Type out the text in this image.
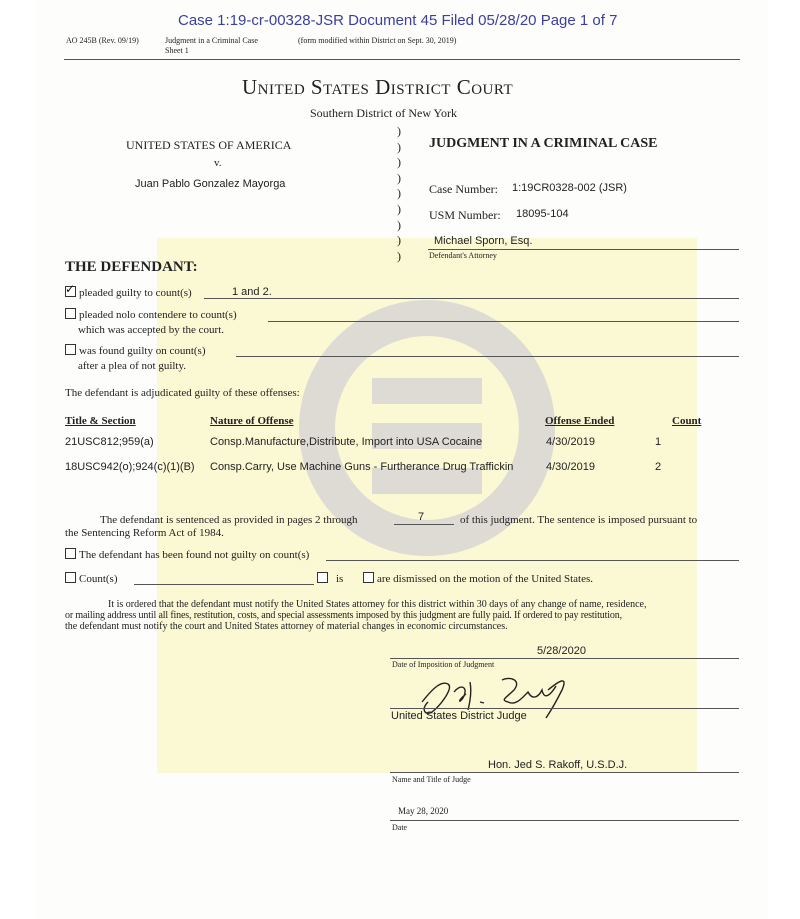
Case 1:19-cr-00328-JSR Document 45 Filed 05/28/20 Page 1 of 7
AO 245B (Rev. 09/19)	Judgment in a Criminal Case
Sheet 1
(form modified within District on Sept. 30, 2019)
United States District Court
Southern District of New York
UNITED STATES OF AMERICA
v.
Juan Pablo Gonzalez Mayorga
)
)
)
)
)
)
)
)
)
JUDGMENT IN A CRIMINAL CASE
Case Number: 1:19CR0328-002 (JSR)
USM Number: 18095-104
Michael Sporn, Esq.
Defendant's Attorney
THE DEFENDANT:
✓pleaded guilty to count(s)	1 and 2.
pleaded nolo contendere to count(s)
which was accepted by the court.
was found guilty on count(s)
after a plea of not guilty.
The defendant is adjudicated guilty of these offenses:
Title & Section	Nature of Offense	Offense Ended	Count
21USC812;959(a)	Consp.Manufacture,Distribute, Import into USA Cocaine	4/30/2019	1
18USC942(o);924(c)(1)(B) Consp.Carry, Use Machine Guns - Furtherance Drug Traffickin	4/30/2019	2
The defendant is sentenced as provided in pages 2 through	7	of this judgment. The sentence is imposed pursuant to
the Sentencing Reform Act of 1984.
The defendant has been found not guilty on count(s)
Count(s)	is	are dismissed on the motion of the United States.
It is ordered that the defendant must notify the United States attorney for this district within 30 days of any change of name, residence,
or mailing address until all fines, restitution, costs, and special assessments imposed by this judgment are fully paid. If ordered to pay restitution,
the defendant must notify the court and United States attorney of material changes in economic circumstances.
5/28/2020
Date of Imposition of Judgment
United States District Judge
Hon. Jed S. Rakoff, U.S.D.J.
Name and Title of Judge
May 28, 2020
Date
